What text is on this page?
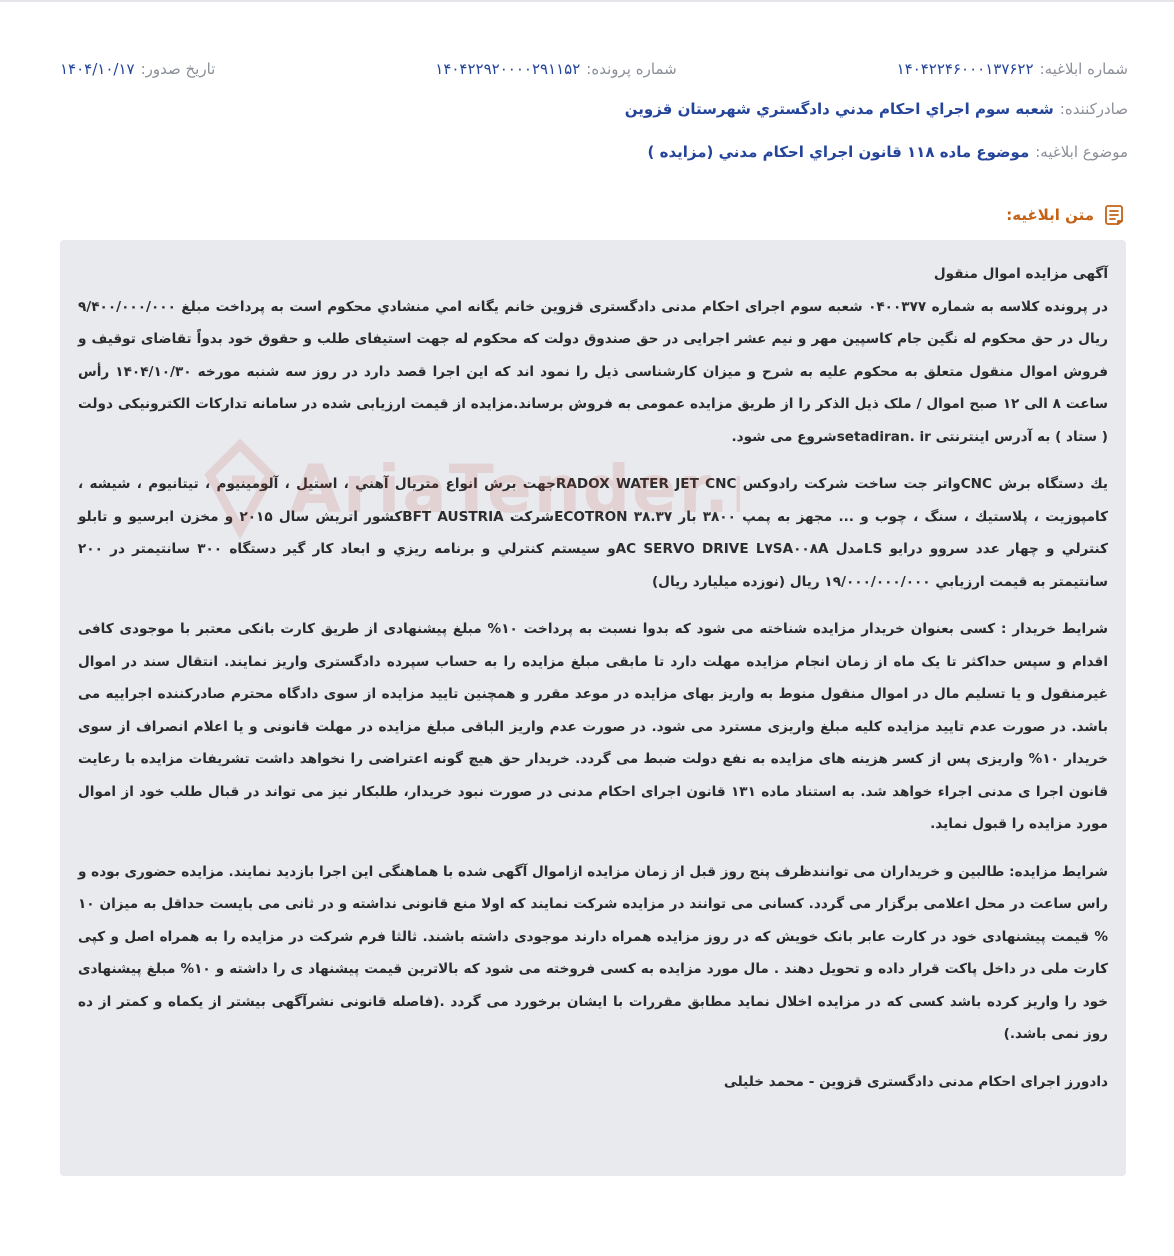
شماره ابلاغيه:
۱۴۰۴۲۲۴۶۰۰۰۱۳۷۶۲۲
شماره پرونده:
۱۴۰۴۲۲۹۲۰۰۰۰۲۹۱۱۵۲
تاريخ صدور:
۱۴۰۴/۱۰/۱۷
صادركننده:
شعبه سوم اجراي احكام مدني دادگستري شهرستان قزوين
موضوع ابلاغيه:
موضوع ماده ۱۱۸ قانون اجراي احكام مدني (مزايده )
متن ابلاغيه:

آگهی مزایده اموال منقول

در پرونده کلاسه به شماره ۰۴۰۰۳۷۷ شعبه سوم اجرای احکام مدنی دادگستری قزوین خانم یگانه امي منشادي محکوم است به پرداخت مبلغ ۹/۴۰۰/۰۰۰/۰۰۰ ریال در حق محکوم له نگین جام کاسپین مهر و نیم عشر اجرایی در حق صندوق دولت که محکوم له جهت استیفای طلب و حقوق خود بدواً تقاضای توقیف و فروش اموال منقول متعلق به محکوم علیه به شرح و میزان کارشناسی ذیل را نمود اند که این اجرا قصد دارد در روز سه شنبه مورخه ۱۴۰۴/۱۰/۳۰ رأس ساعت ۸ الی ۱۲ صبح اموال / ملک ذیل الذکر را از طریق مزایده عمومی به فروش برساند.مزایده از قیمت ارزیابی شده در سامانه تدارکات الکترونیکی دولت ( ستاد ) به آدرس اینترنتی setadiran. irشروع می شود.

يك دستگاه برش CNCواتر جت ساخت شركت رادوكس RADOX WATER JET CNCجهت برش انواع متريال آهني ، استيل ، آلومينيوم ، تيتانيوم ، شيشه ، كامپوزيت ، پلاستيك ، سنگ ، چوب و ... مجهز به پمپ ۳۸۰۰ بار ECOTRON ۳۸.۳۷شركت BFT AUSTRIAكشور اتريش سال ۲۰۱۵ و مخزن ابرسيو و تابلو كنترلي و چهار عدد سروو درايو LSمدل AC SERVO DRIVE L۷SA۰۰۸Aو سيستم كنترلي و برنامه ريزي و ابعاد كار گير دستگاه ۳۰۰ سانتيمتر در ۲۰۰ سانتيمتر به قيمت ارزيابي ۱۹/۰۰۰/۰۰۰/۰۰۰ ريال (نوزده ميليارد ريال)

شرایط خریدار : کسی بعنوان خریدار مزایده شناخته می شود که بدوا نسبت به پرداخت ۱۰% مبلغ پیشنهادی از طریق کارت بانکی معتبر با موجودی کافی اقدام و سپس حداکثر تا یک ماه از زمان انجام مزایده مهلت دارد تا مابقی مبلغ مزایده را به حساب سپرده دادگستری واریز نمایند. انتقال سند در اموال غیرمنقول و یا تسلیم مال در اموال منقول منوط به واریز بهای مزایده در موعد مقرر و همچنین تایید مزایده از سوی دادگاه محترم صادرکننده اجراییه می باشد. در صورت عدم تایید مزایده کلیه مبلغ واریزی مسترد می شود. در صورت عدم واریز الباقی مبلغ مزایده در مهلت قانونی و یا اعلام انصراف از سوی خریدار ۱۰% واریزی پس از کسر هزینه های مزایده به نفع دولت ضبط می گردد. خریدار حق هیچ گونه اعتراضی را نخواهد داشت تشریفات مزایده با رعایت قانون اجرا ی مدنی اجراء خواهد شد. به استناد ماده ۱۳۱ قانون اجرای احکام مدنی در صورت نبود خریدار، طلبکار نیز می تواند در قبال طلب خود از اموال مورد مزایده را قبول نماید.

شرایط مزایده: طالبین و خریداران می توانندظرف پنج روز قبل از زمان مزایده ازاموال آگهی شده با هماهنگی این اجرا بازدید نمایند. مزایده حضوری بوده و راس ساعت در محل اعلامی برگزار می گردد. کسانی می توانند در مزایده شرکت نمایند که اولا منع قانونی نداشته و در ثانی می بایست حداقل به میزان ۱۰ % قیمت پیشنهادی خود در کارت عابر بانک خویش که در روز مزایده همراه دارند موجودی داشته باشند. ثالثا فرم شرکت در مزایده را به همراه اصل و کپی کارت ملی در داخل پاکت قرار داده و تحویل دهند . مال مورد مزایده به کسی فروخته می شود که بالاترین قیمت پیشنهاد ی را داشته و ۱۰% مبلغ پیشنهادی خود را واریز کرده باشد کسی که در مزایده اخلال نماید مطابق مقررات با ایشان برخورد می گردد .(فاصله قانونی نشرآگهی بیشتر از یکماه و کمتر از ده روز نمی باشد.)

دادورز اجرای احکام مدنی دادگستری قزوین - محمد خلیلی
